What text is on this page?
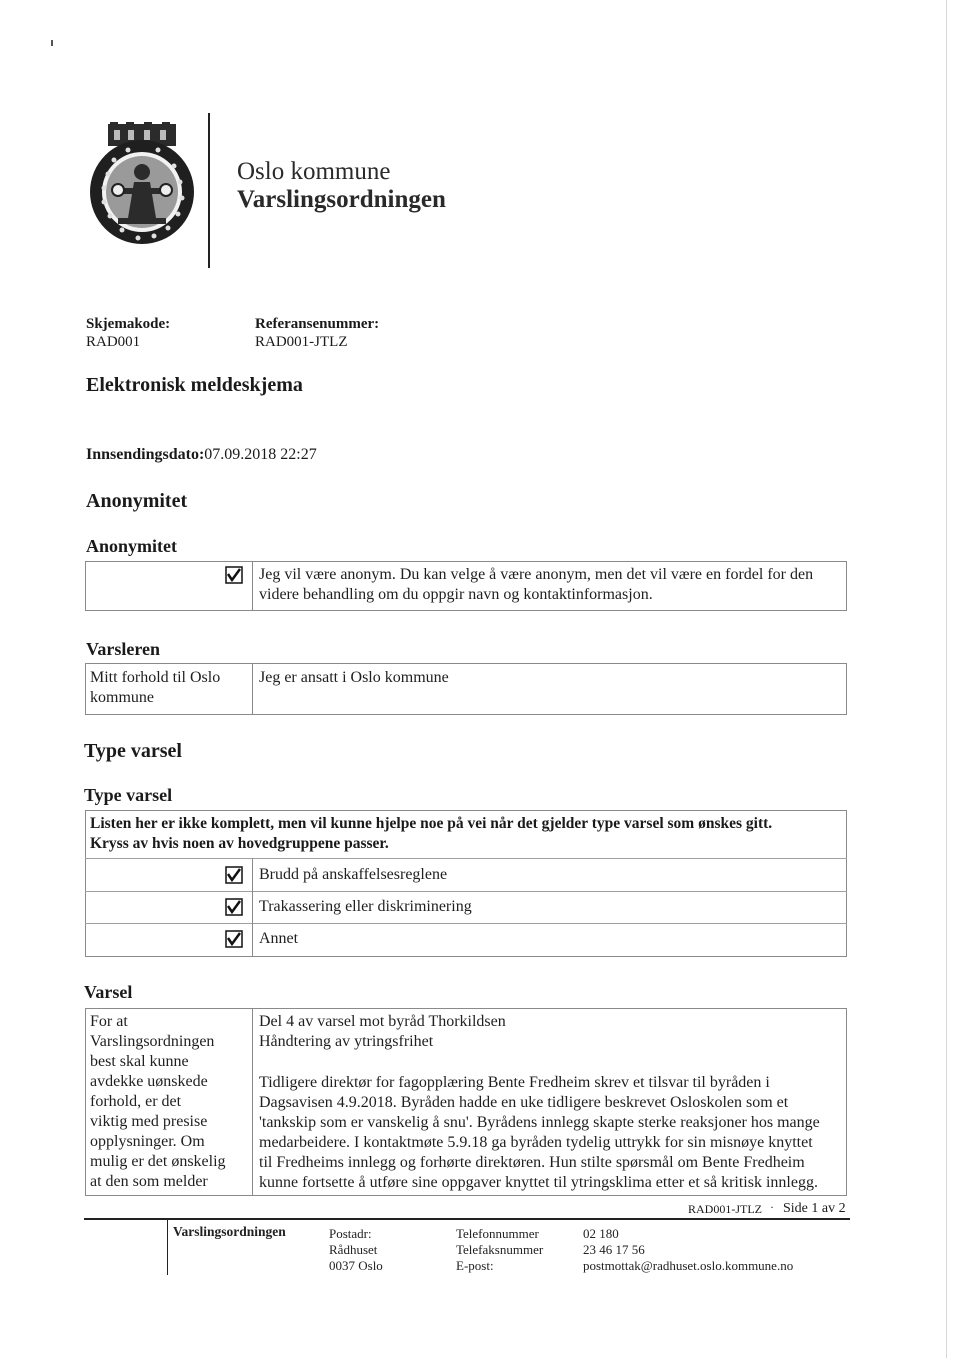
Oslo kommune
Varslingsordningen
Skjemakode:
RAD001
Referansenummer:
RAD001-JTLZ
Elektronisk meldeskjema
Innsendingsdato:07.09.2018 22:27
Anonymitet
Anonymitet
Jeg vil være anonym. Du kan velge å være anonym, men det vil være en fordel for den videre behandling om du oppgir navn og kontaktinformasjon.
Varsleren
Mitt forhold til Oslo kommune
Jeg er ansatt i Oslo kommune
Type varsel
Type varsel
Listen her er ikke komplett, men vil kunne hjelpe noe på vei når det gjelder type varsel som ønskes gitt.
Kryss av hvis noen av hovedgruppene passer.
Brudd på anskaffelsesreglene
Trakassering eller diskriminering
Annet
Varsel
For at
Varslingsordningen
best skal kunne
avdekke uønskede
forhold, er det
viktig med presise
opplysninger. Om
mulig er det ønskelig
at den som melder
Del 4 av varsel mot byråd Thorkildsen
Håndtering av ytringsfrihet
Tidligere direktør for fagopplæring Bente Fredheim skrev et tilsvar til byråden i
Dagsavisen 4.9.2018. Byråden hadde en uke tidligere beskrevet Osloskolen som et
'tankskip som er vanskelig å snu'. Byrådens innlegg skapte sterke reaksjoner hos mange
medarbeidere. I kontaktmøte 5.9.18 ga byråden tydelig uttrykk for sin misnøye knyttet
til Fredheims innlegg og forhørte direktøren. Hun stilte spørsmål om Bente Fredheim
kunne fortsette å utføre sine oppgaver knyttet til ytringsklima etter et så kritisk innlegg.
RAD001-JTLZ · Side 1 av 2
Varslingsordningen	Postadr:
Rådhuset
0037 Oslo
Telefonnummer
Telefaksnummer
E-post:
02 180
23 46 17 56
postmottak@radhuset.oslo.kommune.no
